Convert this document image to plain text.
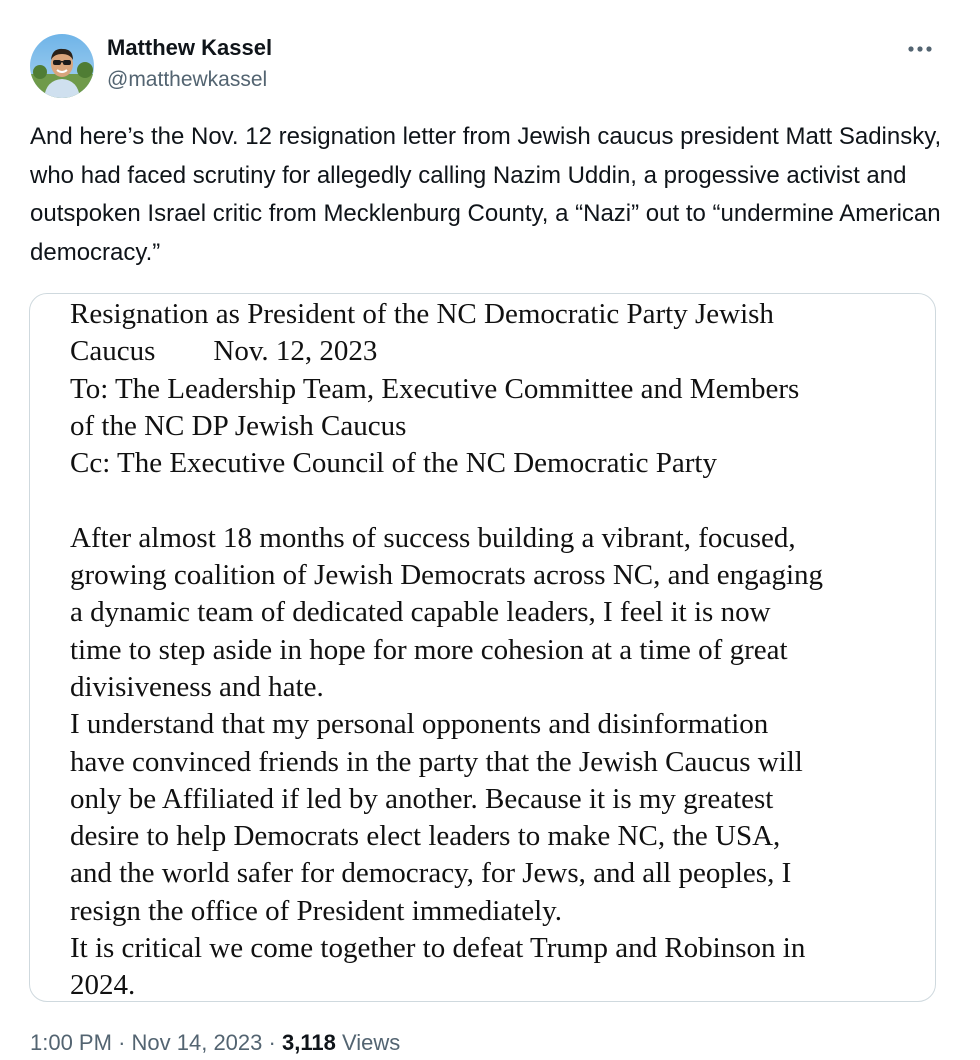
Matthew Kassel
@matthewkassel

And here’s the Nov. 12 resignation letter from Jewish caucus president Matt Sadinsky, who had faced scrutiny for allegedly calling Nazim Uddin, a progessive activist and outspoken Israel critic from Mecklenburg County, a “Nazi” out to “undermine American democracy.”

Resignation as President of the NC Democratic Party Jewish
Caucus Nov. 12, 2023
To: The Leadership Team, Executive Committee and Members
of the NC DP Jewish Caucus
Cc: The Executive Council of the NC Democratic Party
After almost 18 months of success building a vibrant, focused,
growing coalition of Jewish Democrats across NC, and engaging
a dynamic team of dedicated capable leaders, I feel it is now
time to step aside in hope for more cohesion at a time of great
divisiveness and hate.
I understand that my personal opponents and disinformation
have convinced friends in the party that the Jewish Caucus will
only be Affiliated if led by another. Because it is my greatest
desire to help Democrats elect leaders to make NC, the USA,
and the world safer for democracy, for Jews, and all peoples, I
resign the office of President immediately.
It is critical we come together to defeat Trump and Robinson in
2024.
1:00 PM · Nov 14, 2023 · 3,118 Views
